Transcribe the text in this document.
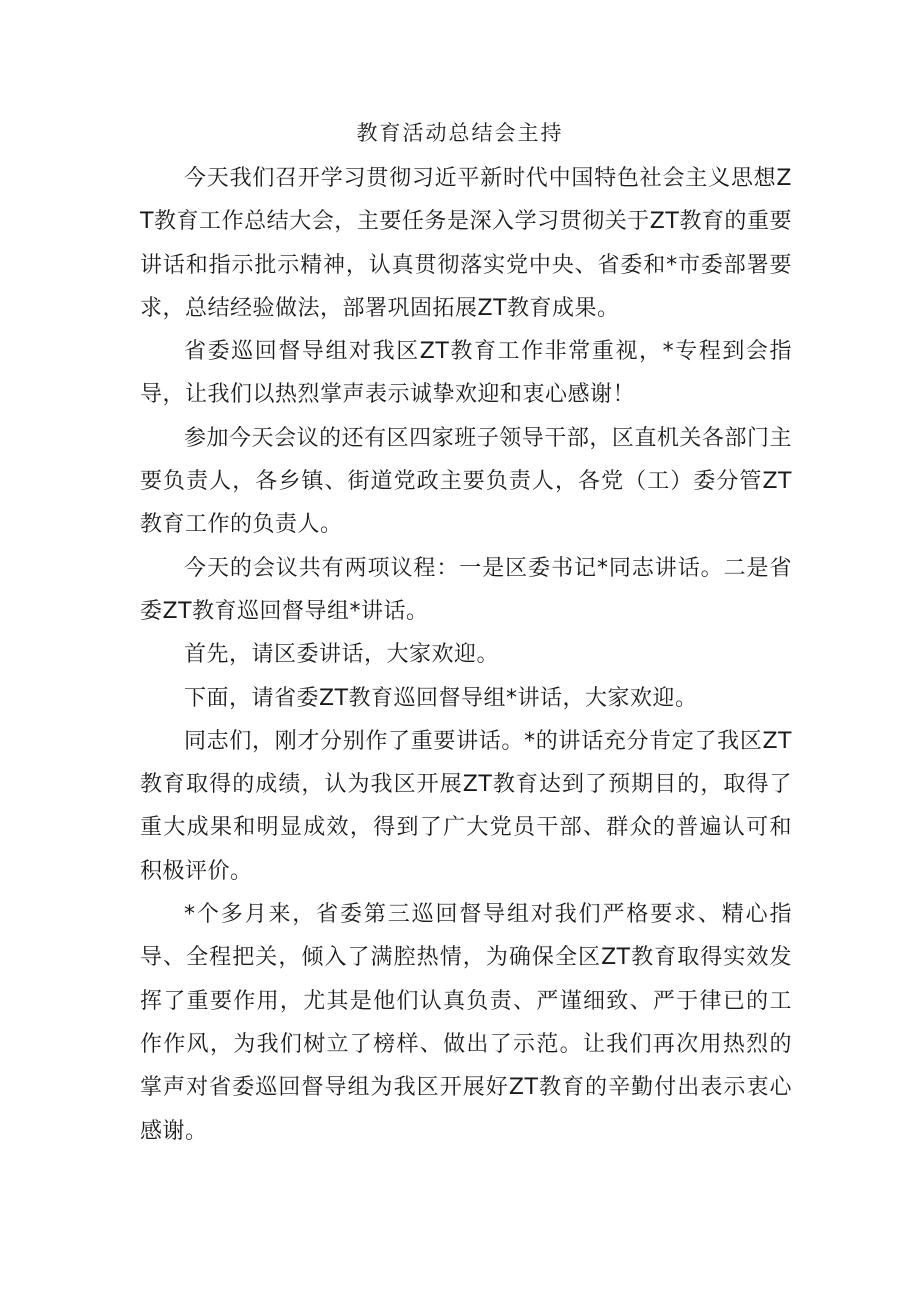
教育活动总结会主持

今天我们召开学习贯彻习近平新时代中国特色社会主义思想ZT教育工作总结大会，主要任务是深入学习贯彻关于ZT教育的重要讲话和指示批示精神，认真贯彻落实党中央、省委和*市委部署要求，总结经验做法，部署巩固拓展ZT教育成果。

省委巡回督导组对我区ZT教育工作非常重视，*专程到会指导，让我们以热烈掌声表示诚挚欢迎和衷心感谢！

参加今天会议的还有区四家班子领导干部，区直机关各部门主要负责人，各乡镇、街道党政主要负责人，各党（工）委分管ZT教育工作的负责人。

今天的会议共有两项议程：一是区委书记*同志讲话。二是省委ZT教育巡回督导组*讲话。

首先，请区委讲话，大家欢迎。

下面，请省委ZT教育巡回督导组*讲话，大家欢迎。

同志们，刚才分别作了重要讲话。*的讲话充分肯定了我区ZT教育取得的成绩，认为我区开展ZT教育达到了预期目的，取得了重大成果和明显成效，得到了广大党员干部、群众的普遍认可和积极评价。

*个多月来，省委第三巡回督导组对我们严格要求、精心指导、全程把关，倾入了满腔热情，为确保全区ZT教育取得实效发挥了重要作用，尤其是他们认真负责、严谨细致、严于律已的工作作风，为我们树立了榜样、做出了示范。让我们再次用热烈的掌声对省委巡回督导组为我区开展好ZT教育的辛勤付出表示衷心感谢。
